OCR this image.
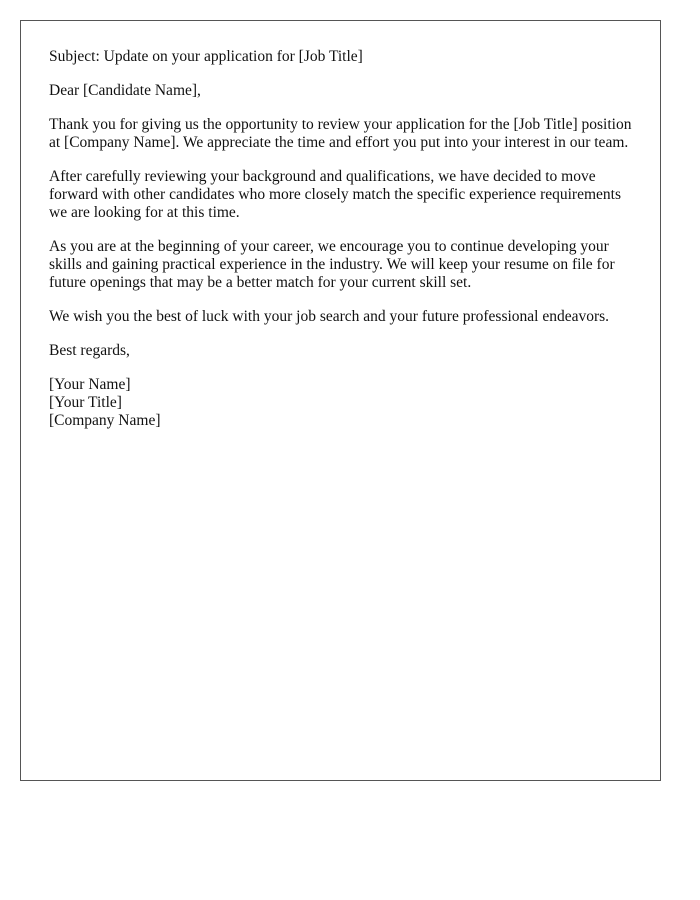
Subject: Update on your application for [Job Title]

Dear [Candidate Name],

Thank you for giving us the opportunity to review your application for the [Job Title] position at [Company Name]. We appreciate the time and effort you put into your interest in our team.

After carefully reviewing your background and qualifications, we have decided to move forward with other candidates who more closely match the specific experience requirements we are looking for at this time.

As you are at the beginning of your career, we encourage you to continue developing your skills and gaining practical experience in the industry. We will keep your resume on file for future openings that may be a better match for your current skill set.

We wish you the best of luck with your job search and your future professional endeavors.

Best regards,

[Your Name]
[Your Title]
[Company Name]
